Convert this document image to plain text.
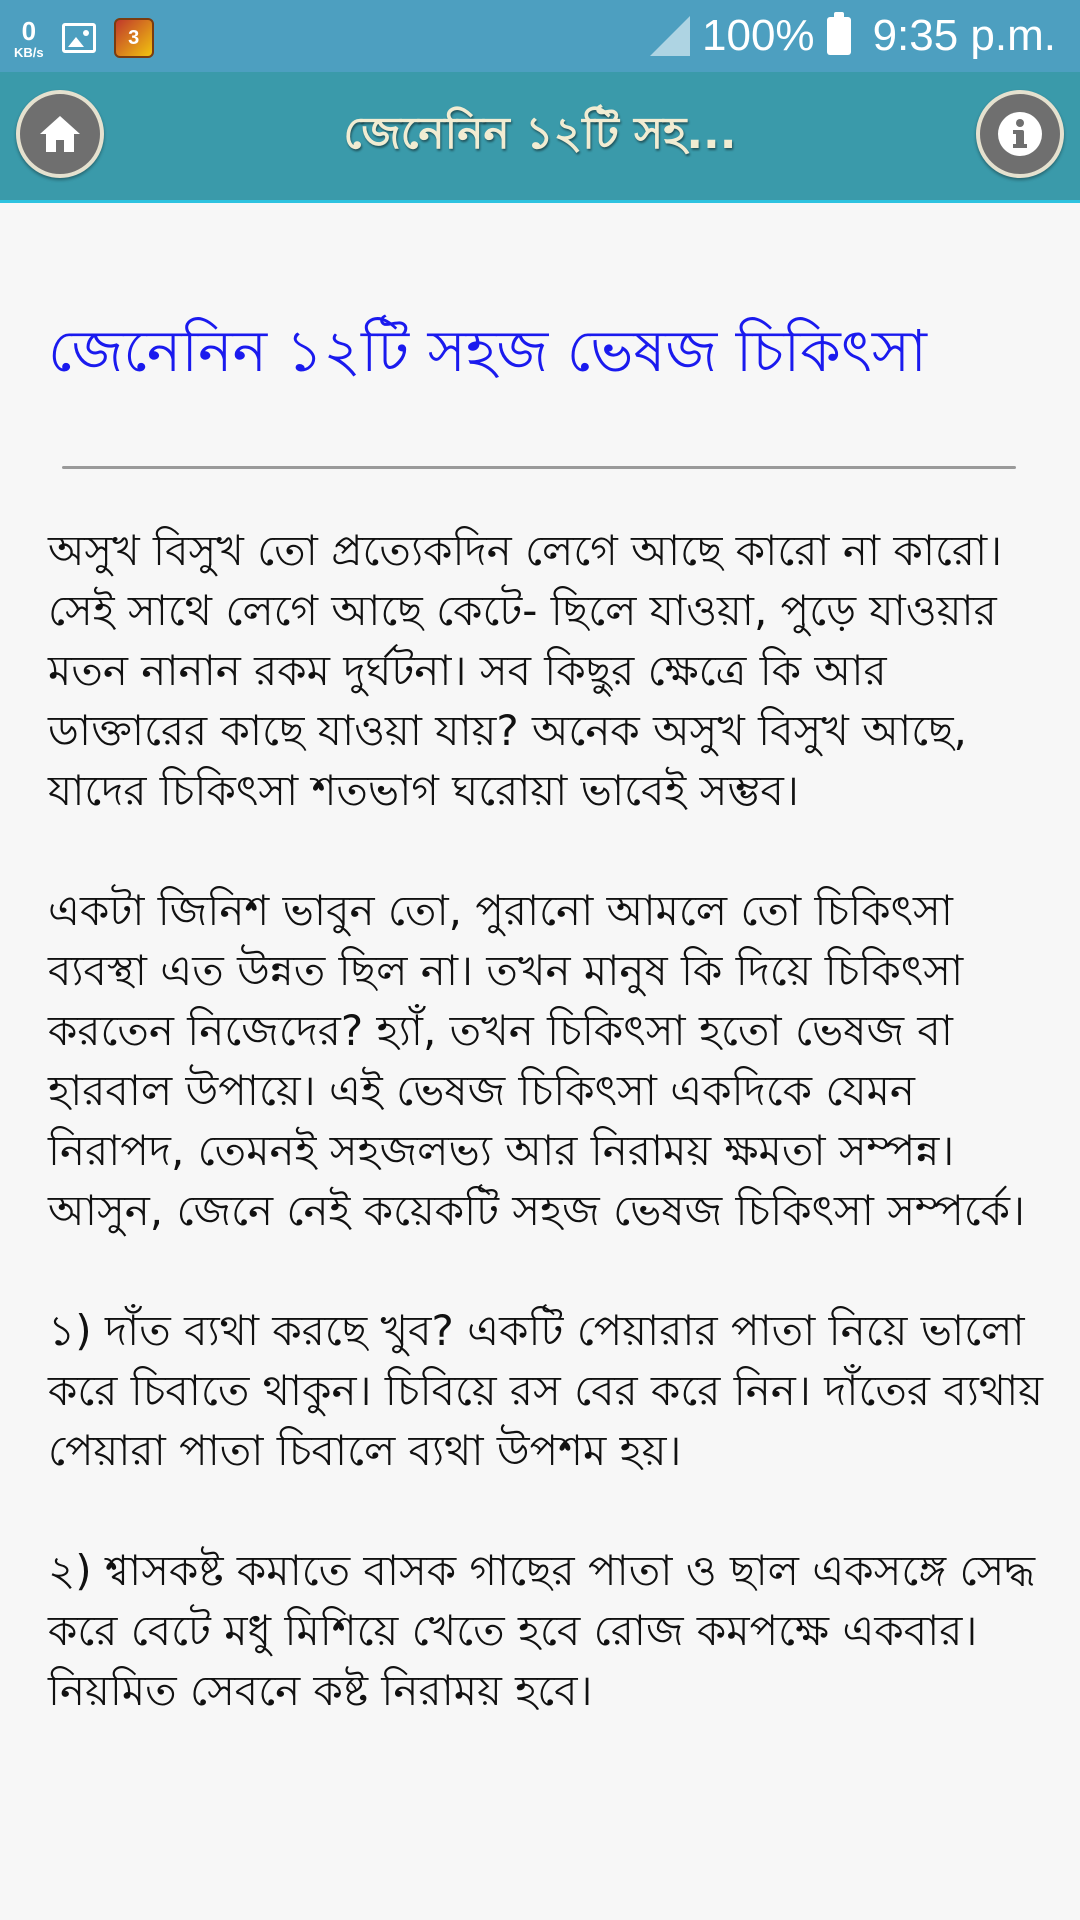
0
KB/s
3	100% 9:35 p.m.
জেনেনিন ১২টি সহ...
জেনেনিন ১২টি সহজ ভেষজ চিকিৎসা

অসুখ বিসুখ তো প্রত্যেকদিন লেগে আছে কারো না কারো। সেই সাথে লেগে আছে কেটে- ছিলে যাওয়া, পুড়ে যাওয়ার মতন নানান রকম দুর্ঘটনা। সব কিছুর ক্ষেত্রে কি আর ডাক্তারের কাছে যাওয়া যায়? অনেক অসুখ বিসুখ আছে, যাদের চিকিৎসা শতভাগ ঘরোয়া ভাবেই সম্ভব।

একটা জিনিশ ভাবুন তো, পুরানো আমলে তো চিকিৎসা ব্যবস্থা এত উন্নত ছিল না। তখন মানুষ কি দিয়ে চিকিৎসা করতেন নিজেদের? হ্যাঁ, তখন চিকিৎসা হতো ভেষজ বা হারবাল উপায়ে। এই ভেষজ চিকিৎসা একদিকে যেমন নিরাপদ, তেমনই সহজলভ্য আর নিরাময় ক্ষমতা সম্পন্ন। আসুন, জেনে নেই কয়েকটি সহজ ভেষজ চিকিৎসা সম্পর্কে।

১) দাঁত ব্যথা করছে খুব? একটি পেয়ারার পাতা নিয়ে ভালো করে চিবাতে থাকুন। চিবিয়ে রস বের করে নিন। দাঁতের ব্যথায় পেয়ারা পাতা চিবালে ব্যথা উপশম হয়।

২) শ্বাসকষ্ট কমাতে বাসক গাছের পাতা ও ছাল একসঙ্গে সেদ্ধ করে বেটে মধু মিশিয়ে খেতে হবে রোজ কমপক্ষে একবার। নিয়মিত সেবনে কষ্ট নিরাময় হবে।
